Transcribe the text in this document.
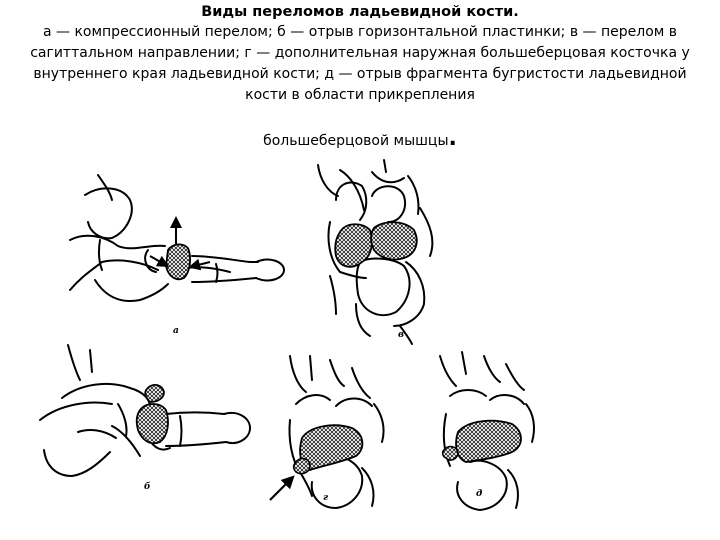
Виды переломов ладьевидной кости.
а — компрессионный перелом; б — отрыв горизонтальной пластинки; в — перелом в сагиттальном направлении; г — дополнительная наружная большеберцовая косточка у внутреннего края ладьевидной кости; д — отрыв фрагмента бугристости ладьевидной кости в области прикрепления
большеберцовой мышцы.
а	в
б
г	д
